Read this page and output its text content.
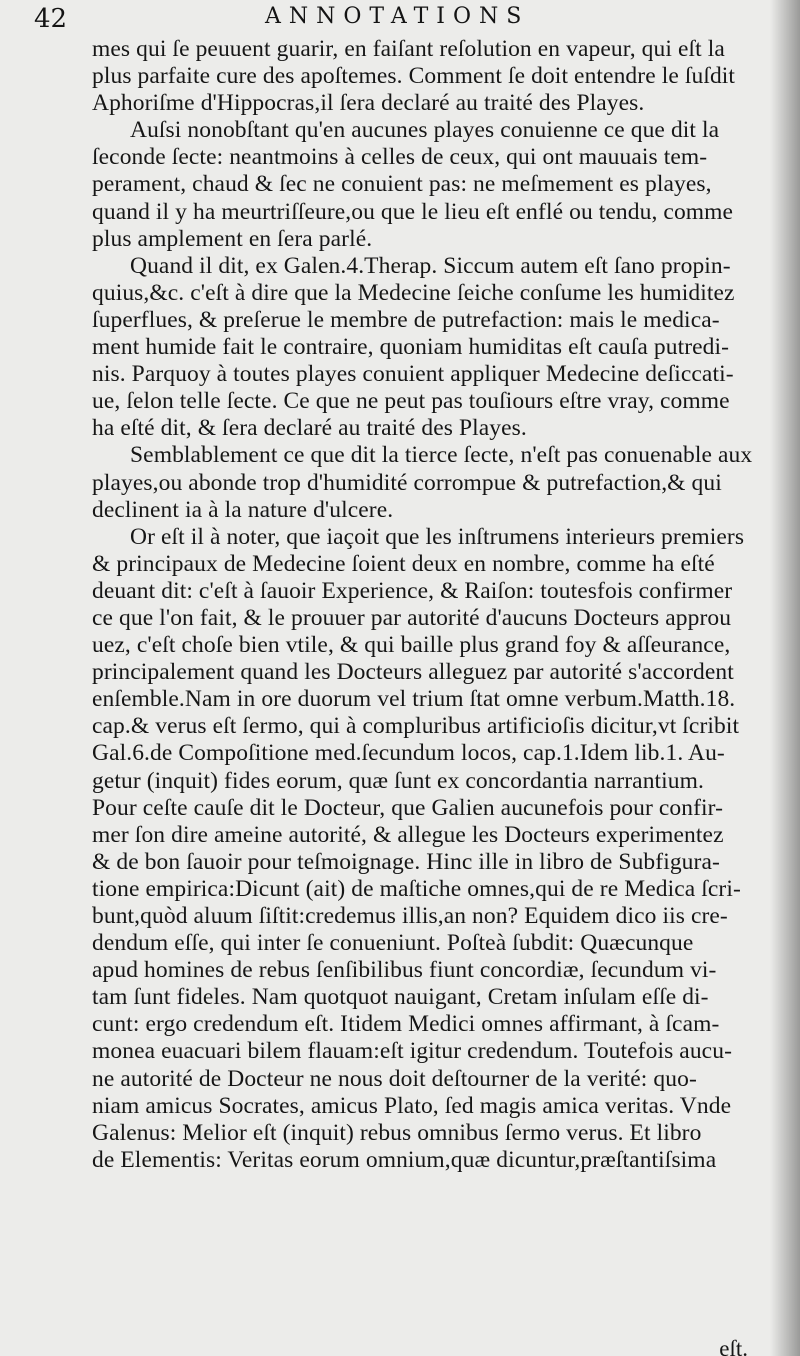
42	ANNOTATIONS
mes qui ſe peuuent guarir, en faiſant reſolution en vapeur, qui eſt la
plus parfaite cure des apoſtemes. Comment ſe doit entendre le ſuſdit
Aphoriſme d'Hippocras,il ſera declaré au traité des Playes.
Auſsi nonobſtant qu'en aucunes playes conuienne ce que dit la
ſeconde ſecte: neantmoins à celles de ceux, qui ont mauuais tem-
perament, chaud & ſec ne conuient pas: ne meſmement es playes,
quand il y ha meurtriſſeure,ou que le lieu eſt enflé ou tendu, comme
plus amplement en ſera parlé.
Quand il dit, ex Galen.4.Therap. Siccum autem eſt ſano propin-
quius,&c. c'eſt à dire que la Medecine ſeiche conſume les humiditez
ſuperflues, & preſerue le membre de putrefaction: mais le medica-
ment humide fait le contraire, quoniam humiditas eſt cauſa putredi-
nis. Parquoy à toutes playes conuient appliquer Medecine deſiccati-
ue, ſelon telle ſecte. Ce que ne peut pas touſiours eſtre vray, comme
ha eſté dit, & ſera declaré au traité des Playes.
Semblablement ce que dit la tierce ſecte, n'eſt pas conuenable aux
playes,ou abonde trop d'humidité corrompue & putrefaction,& qui
declinent ia à la nature d'ulcere.
Or eſt il à noter, que iaçoit que les inſtrumens interieurs premiers
& principaux de Medecine ſoient deux en nombre, comme ha eſté
deuant dit: c'eſt à ſauoir Experience, & Raiſon: toutesfois confirmer
ce que l'on fait, & le prouuer par autorité d'aucuns Docteurs approu
uez, c'eſt choſe bien vtile, & qui baille plus grand foy & aſſeurance,
principalement quand les Docteurs alleguez par autorité s'accordent
enſemble.Nam in ore duorum vel trium ſtat omne verbum.Matth.18.
cap.& verus eſt ſermo, qui à compluribus artificioſis dicitur,vt ſcribit
Gal.6.de Compoſitione med.ſecundum locos, cap.1.Idem lib.1. Au-
getur (inquit) fides eorum, quæ ſunt ex concordantia narrantium.
Pour ceſte cauſe dit le Docteur, que Galien aucunefois pour confir-
mer ſon dire ameine autorité, & allegue les Docteurs experimentez
& de bon ſauoir pour teſmoignage. Hinc ille in libro de Subfigura-
tione empirica:Dicunt (ait) de maſtiche omnes,qui de re Medica ſcri-
bunt,quòd aluum ſiſtit:credemus illis,an non? Equidem dico iis cre-
dendum eſſe, qui inter ſe conueniunt. Poſteà ſubdit: Quæcunque
apud homines de rebus ſenſibilibus fiunt concordiæ, ſecundum vi-
tam ſunt fideles. Nam quotquot nauigant, Cretam inſulam eſſe di-
cunt: ergo credendum eſt. Itidem Medici omnes affirmant, à ſcam-
monea euacuari bilem flauam:eſt igitur credendum. Toutefois aucu-
ne autorité de Docteur ne nous doit deſtourner de la verité: quo-
niam amicus Socrates, amicus Plato, ſed magis amica veritas. Vnde
Galenus: Melior eſt (inquit) rebus omnibus ſermo verus. Et libro
de Elementis: Veritas eorum omnium,quæ dicuntur,præſtantiſsima
eſt.
